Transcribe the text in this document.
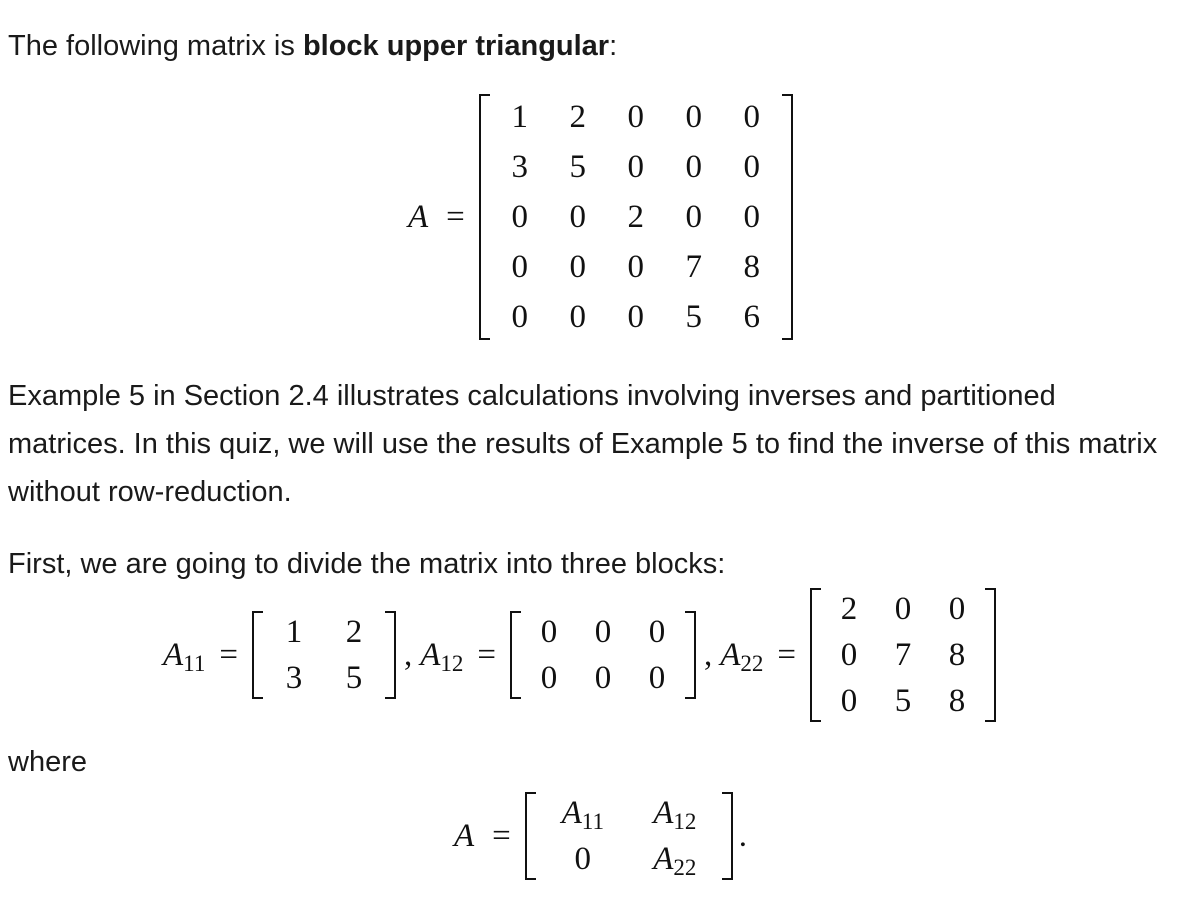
The following matrix is block upper triangular:
A =
1 2 0 0 0
3 5 0 0 0
0 0 2 0 0
0 0 0 7 8
0 0 0 5 6
Example 5 in Section 2.4 illustrates calculations involving inverses and partitioned matrices. In this quiz, we will use the results of Example 5 to find the inverse of this matrix without row-reduction.
First, we are going to divide the matrix into three blocks:
A11 =
1 2
3 5
, A12 =
0 0 0
0 0 0
, A22 =
2 0 0
0 7 8
0 5 8
where
A =
A11 A12
0 A22
.
